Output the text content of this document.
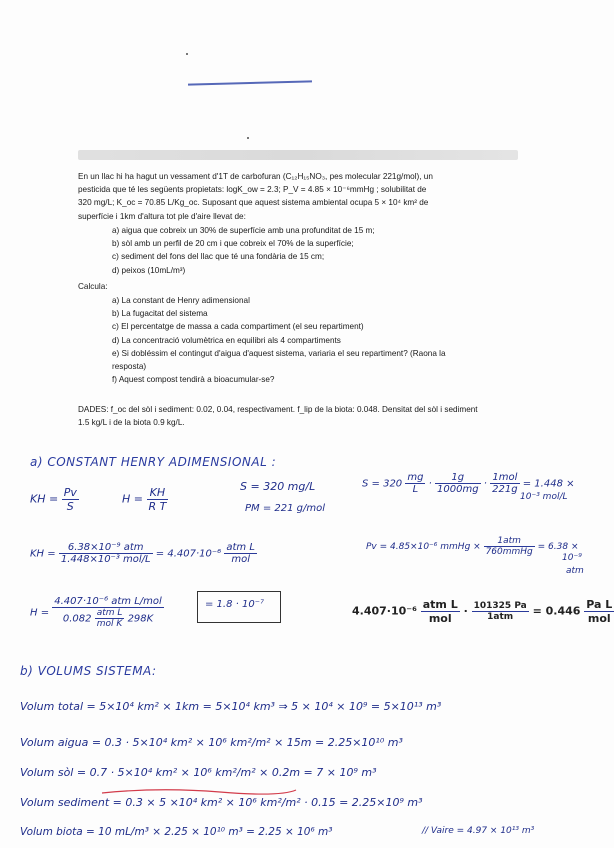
En un llac hi ha hagut un vessament d'1T de carbofuran (C₁₂H₁₅NO₃, pes molecular 221g/mol), un
pesticida que té les següents propietats: logK_ow = 2.3; P_V = 4.85 × 10⁻⁶mmHg ; solubilitat de
320 mg/L; K_oc = 70.85 L/Kg_oc. Suposant que aquest sistema ambiental ocupa 5 × 10⁴ km² de
superfície i 1km d'altura tot ple d'aire llevat de:
a) aigua que cobreix un 30% de superfície amb una profunditat de 15 m;
b) sòl amb un perfil de 20 cm i que cobreix el 70% de la superfície;
c) sediment del fons del llac que té una fondària de 15 cm;
d) peixos (10mL/m³)
Calcula:
a) La constant de Henry adimensional
b) La fugacitat del sistema
c) El percentatge de massa a cada compartiment (el seu repartiment)
d) La concentració volumètrica en equilibri als 4 compartiments
e) Si dobléssim el contingut d'aigua d'aquest sistema, variaria el seu repartiment? (Raona la
resposta)
f) Aquest compost tendirà a bioacumular-se?
DADES: f_oc del sòl i sediment: 0.02, 0.04, respectivament. f_lip de la biota: 0.048. Densitat del sòl i sediment
1.5 kg/L i de la biota 0.9 kg/L.
a) CONSTANT HENRY ADIMENSIONAL :
KH = $\frac{Pv}{S}$	$H = \frac{KH}{\text{R T}}$	S = 320 mg/L
PM = 221 g/mol
$S = 320 \frac{mg}{L} \cdot \frac{1g}{1000mg} \cdot \frac{\text{1mol}}{221g} = 1.448$ ×
10⁻³ mol/L
KH = $\frac{\text{6.38×10⁻⁹ atm}}{\text{1.448×10⁻³ mol/L}} = 4.407\cdot 10^{-6} \frac{\text{atm L}}{\text{mol}}$	Pv = 4.85×10⁻⁶ mmHg × $\frac{\text{1atm}}{\text{760mmHg}} = 6.38$ ×
10⁻⁹
atm
$H = \frac{\text{4.407·10⁻⁶ atm L/mol}}{0.082 \frac{\text{atm L}}{\text{mol K}} 298K}$	= 1.8 · 10⁻⁷	$4.407\cdot 10^{-6} \frac{\text{atm L}}{\text{mol}} \cdot \frac{101325 Pa}{\text{1atm}} = 0.446 \frac{\text{Pa L}}{\text{mol}}$
b) VOLUMS SISTEMA:
Volum total = 5×10⁴ km² × 1km = 5×10⁴ km³ ⇒ 5 × 10⁴ × 10⁹ = 5×10¹³ m³
Volum aigua = 0.3 · 5×10⁴ km² × 10⁶ km²/m² × 15m = 2.25×10¹⁰ m³
Volum sòl = 0.7 · 5×10⁴ km² × 10⁶ km²/m² × 0.2m = 7 × 10⁹ m³
Volum sediment = 0.3 × 5 ×10⁴ km² × 10⁶ km²/m² · 0.15 = 2.25×10⁹ m³
Volum biota = 10 mL/m³ × 2.25 × 10¹⁰ m³ = 2.25 × 10⁶ m³	// Vaire = 4.97 × 10¹³ m³
